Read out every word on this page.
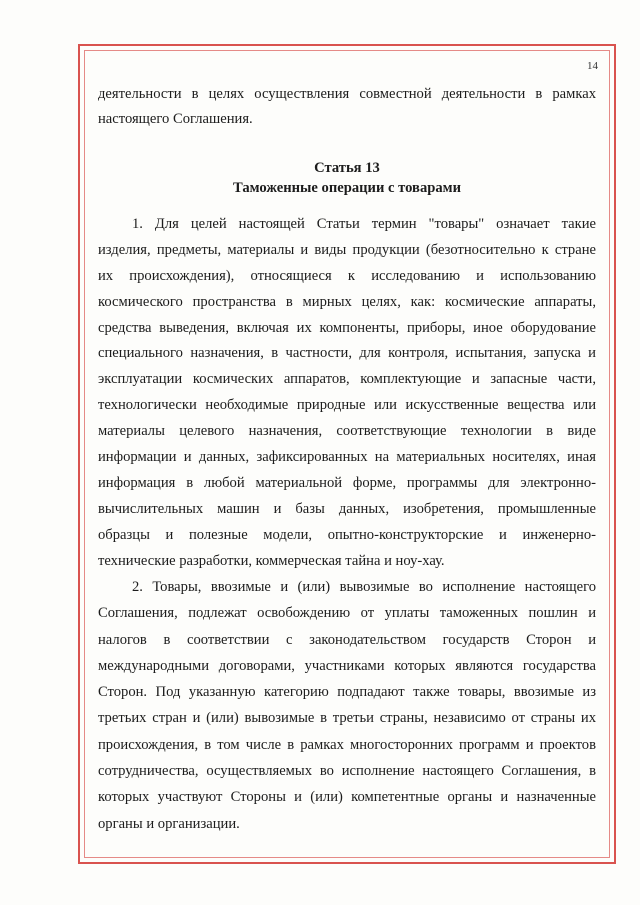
14
деятельности в целях осуществления совместной деятельности в рамках
настоящего Соглашения.
Статья 13
Таможенные операции с товарами
1. Для целей настоящей Статьи термин "товары" означает такие
изделия, предметы, материалы и виды продукции (безотносительно к стране
их происхождения), относящиеся к исследованию и использованию
космического пространства в мирных целях, как: космические аппараты,
средства выведения, включая их компоненты, приборы, иное оборудование
специального назначения, в частности, для контроля, испытания, запуска и
эксплуатации космических аппаратов, комплектующие и запасные части,
технологически необходимые природные или искусственные вещества или
материалы целевого назначения, соответствующие технологии в виде
информации и данных, зафиксированных на материальных носителях, иная
информация в любой материальной форме, программы для электронно-
вычислительных машин и базы данных, изобретения, промышленные
образцы и полезные модели, опытно-конструкторские и инженерно-
технические разработки, коммерческая тайна и ноу-хау.
2. Товары, ввозимые и (или) вывозимые во исполнение настоящего
Соглашения, подлежат освобождению от уплаты таможенных пошлин и
налогов в соответствии с законодательством государств Сторон и
международными договорами, участниками которых являются государства
Сторон. Под указанную категорию подпадают также товары, ввозимые из
третьих стран и (или) вывозимые в третьи страны, независимо от страны их
происхождения, в том числе в рамках многосторонних программ и проектов
сотрудничества, осуществляемых во исполнение настоящего Соглашения, в
которых участвуют Стороны и (или) компетентные органы и назначенные
органы и организации.
